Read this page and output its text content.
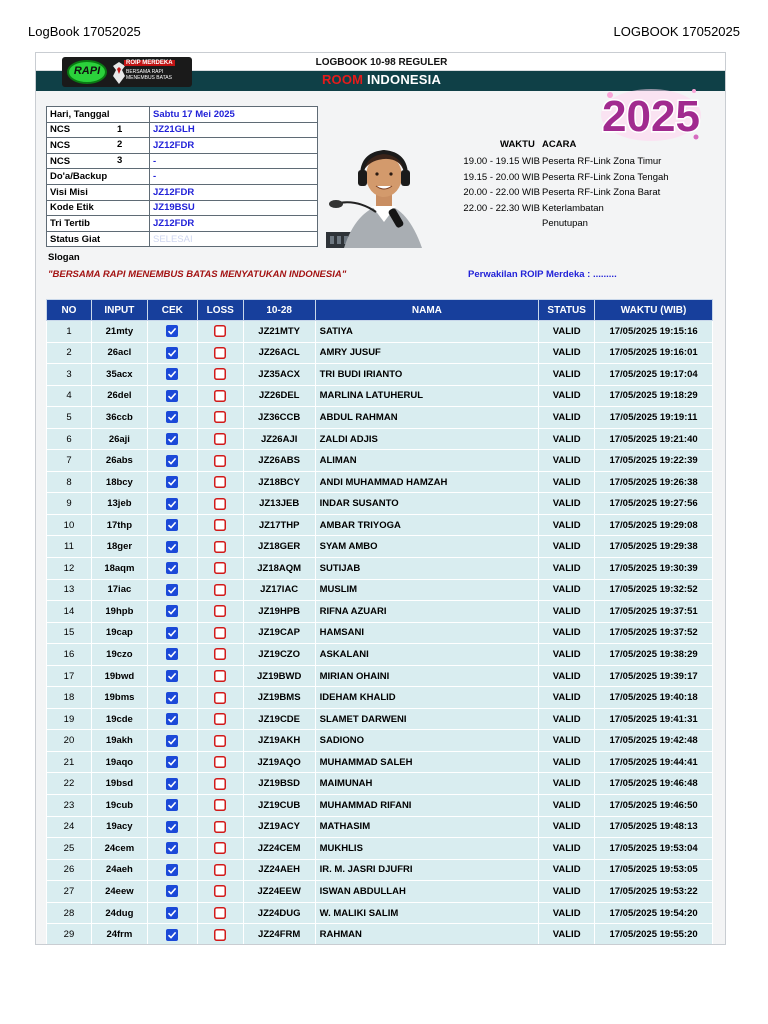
LogBook 17052025	LOGBOOK 17052025
LOGBOOK 10-98 REGULER
ROOM INDONESIA
RAPI
ROIP MERDEKA
BERSAMA RAPI MENEMBUS BATAS
2025
Hari, Tanggal	Sabtu 17 Mei 2025
NCS 1	JZ21GLH
NCS 2	JZ12FDR
NCS 3	-
Do'a/Backup	-
Visi Misi	JZ12FDR
Kode Etik	JZ19BSU
Tri Tertib	JZ12FDR
Status Giat	SELESAI
WAKTU ACARA
19.00 - 19.15 WIB Peserta RF-Link Zona Timur
19.15 - 20.00 WIB Peserta RF-Link Zona Tengah
20.00 - 22.00 WIB Peserta RF-Link Zona Barat
22.00 - 22.30 WIB Keterlambatan
Penutupan
Slogan
"BERSAMA RAPI MENEMBUS BATAS MENYATUKAN INDONESIA"	Perwakilan ROIP Merdeka : .........
NO	INPUT	CEK	LOSS	10-28	NAMA	STATUS	WAKTU (WIB)
1	21mty			JZ21MTY	SATIYA	VALID	17/05/2025 19:15:16
2	26acl			JZ26ACL	AMRY JUSUF	VALID	17/05/2025 19:16:01
3	35acx			JZ35ACX	TRI BUDI IRIANTO	VALID	17/05/2025 19:17:04
4	26del			JZ26DEL	MARLINA LATUHERUL	VALID	17/05/2025 19:18:29
5	36ccb			JZ36CCB	ABDUL RAHMAN	VALID	17/05/2025 19:19:11
6	26aji			JZ26AJI	ZALDI ADJIS	VALID	17/05/2025 19:21:40
7	26abs			JZ26ABS	ALIMAN	VALID	17/05/2025 19:22:39
8	18bcy			JZ18BCY	ANDI MUHAMMAD HAMZAH	VALID	17/05/2025 19:26:38
9	13jeb			JZ13JEB	INDAR SUSANTO	VALID	17/05/2025 19:27:56
10	17thp			JZ17THP	AMBAR TRIYOGA	VALID	17/05/2025 19:29:08
11	18ger			JZ18GER	SYAM AMBO	VALID	17/05/2025 19:29:38
12	18aqm			JZ18AQM	SUTIJAB	VALID	17/05/2025 19:30:39
13	17iac			JZ17IAC	MUSLIM	VALID	17/05/2025 19:32:52
14	19hpb			JZ19HPB	RIFNA AZUARI	VALID	17/05/2025 19:37:51
15	19cap			JZ19CAP	HAMSANI	VALID	17/05/2025 19:37:52
16	19czo			JZ19CZO	ASKALANI	VALID	17/05/2025 19:38:29
17	19bwd			JZ19BWD	MIRIAN OHAINI	VALID	17/05/2025 19:39:17
18	19bms			JZ19BMS	IDEHAM KHALID	VALID	17/05/2025 19:40:18
19	19cde			JZ19CDE	SLAMET DARWENI	VALID	17/05/2025 19:41:31
20	19akh			JZ19AKH	SADIONO	VALID	17/05/2025 19:42:48
21	19aqo			JZ19AQO	MUHAMMAD SALEH	VALID	17/05/2025 19:44:41
22	19bsd			JZ19BSD	MAIMUNAH	VALID	17/05/2025 19:46:48
23	19cub			JZ19CUB	MUHAMMAD RIFANI	VALID	17/05/2025 19:46:50
24	19acy			JZ19ACY	MATHASIM	VALID	17/05/2025 19:48:13
25	24cem			JZ24CEM	MUKHLIS	VALID	17/05/2025 19:53:04
26	24aeh			JZ24AEH	IR. M. JASRI DJUFRI	VALID	17/05/2025 19:53:05
27	24eew			JZ24EEW	ISWAN ABDULLAH	VALID	17/05/2025 19:53:22
28	24dug			JZ24DUG	W. MALIKI SALIM	VALID	17/05/2025 19:54:20
29	24frm			JZ24FRM	RAHMAN	VALID	17/05/2025 19:55:20
